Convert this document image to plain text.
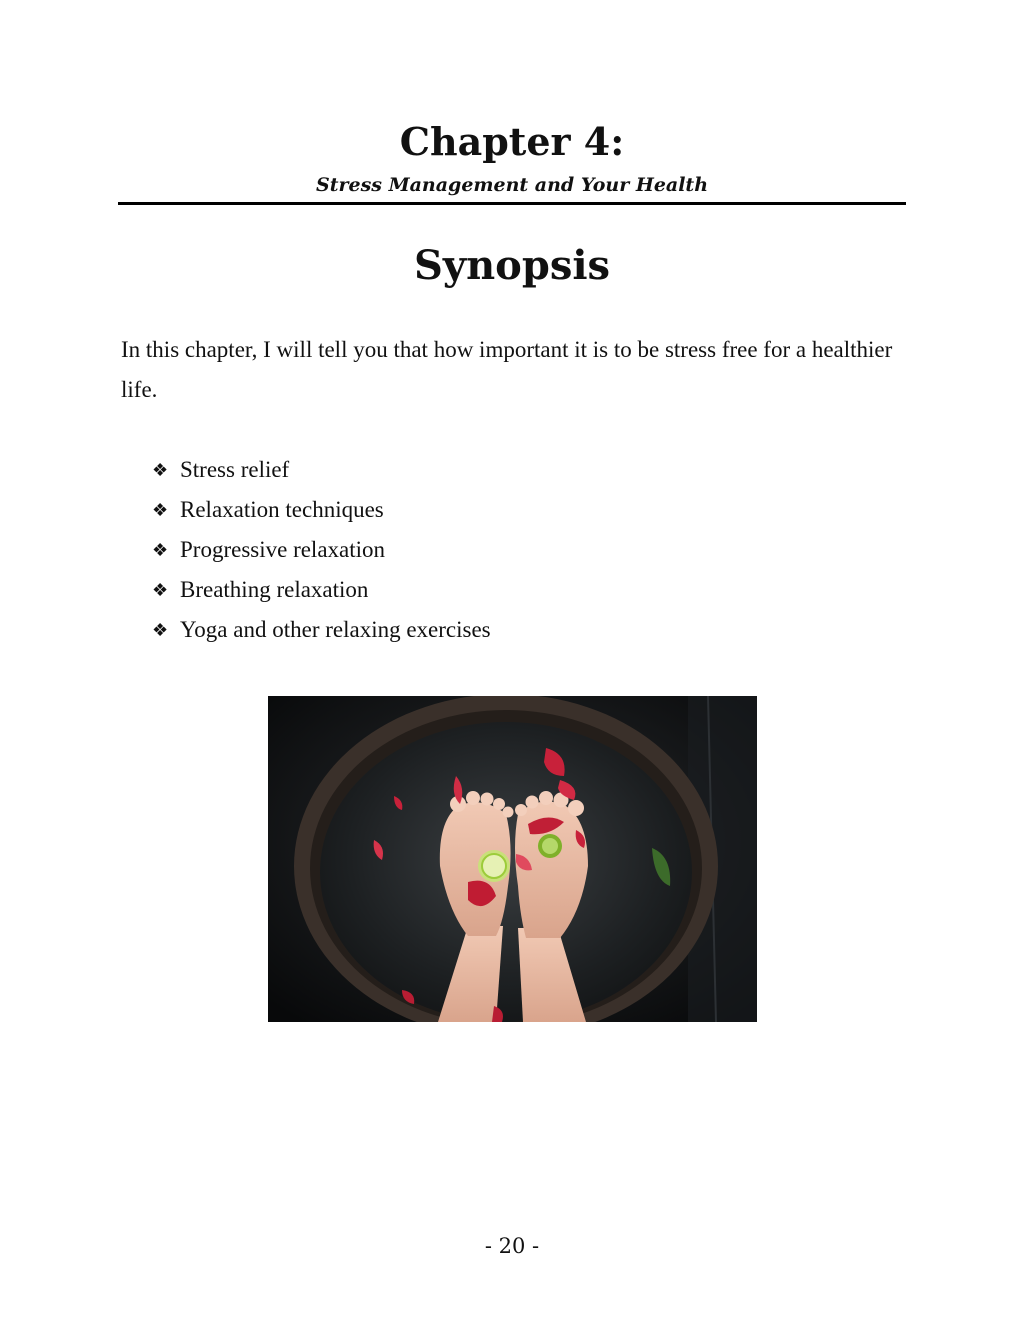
Chapter 4:
Stress Management and Your Health
Synopsis

In this chapter, I will tell you that how important it is to be stress free for a healthier life.

❖ Stress relief
❖ Relaxation techniques
❖ Progressive relaxation
❖ Breathing relaxation
❖ Yoga and other relaxing exercises
- 20 -
